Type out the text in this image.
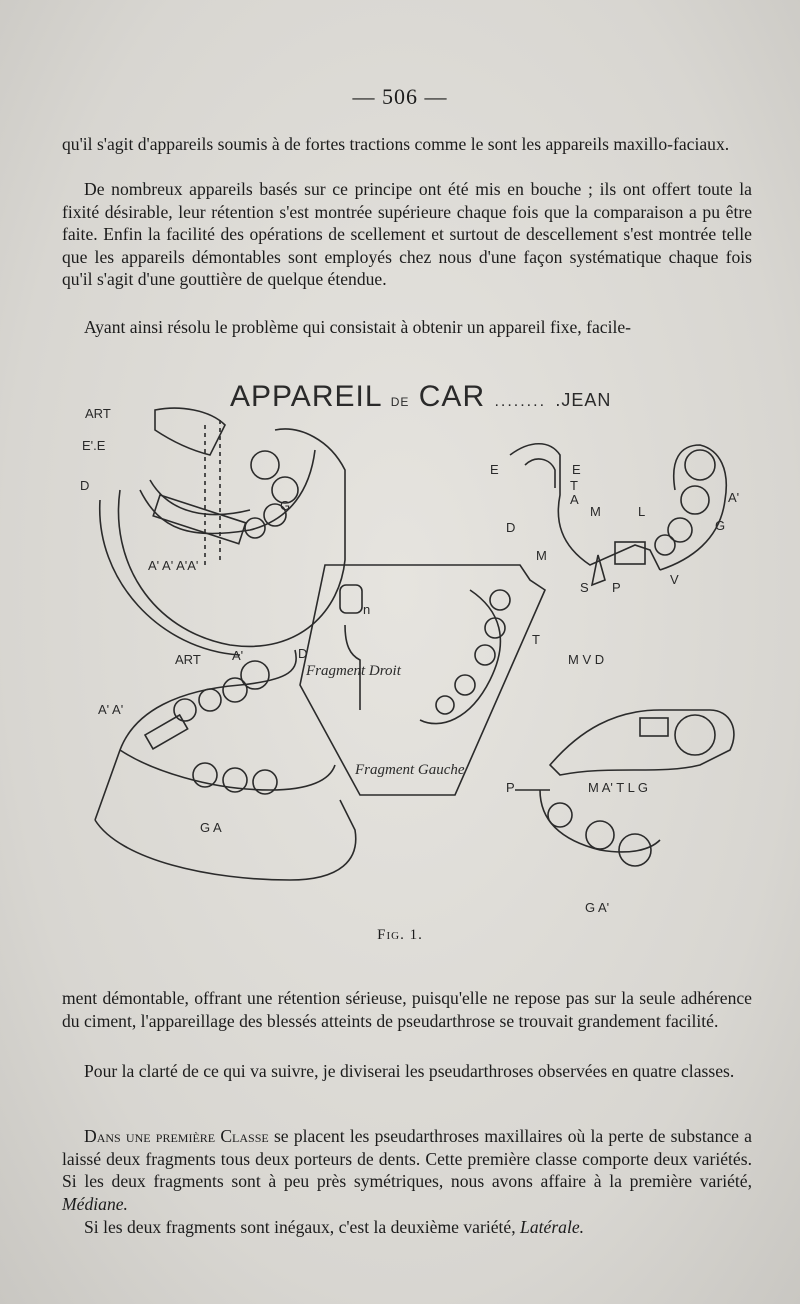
— 506 —

qu'il s'agit d'appareils soumis à de fortes tractions comme le sont les appareils maxillo-faciaux.

De nombreux appareils basés sur ce principe ont été mis en bouche ; ils ont offert toute la fixité désirable, leur rétention s'est montrée supérieure chaque fois que la comparaison a pu être faite. Enfin la facilité des opérations de scellement et surtout de descellement s'est montrée telle que les appareils démontables sont employés chez nous d'une façon systématique chaque fois qu'il s'agit d'une gouttière de quelque étendue.

Ayant ainsi résolu le problème qui consistait à obtenir un appareil fixe, facile-

APPAREIL DE CAR ........ .JEAN
ART
E'.E
D
G
A' A' A'A'
ART A'	D
A' A'
G A
n
T
Fragment Droit
Fragment Gauche
E	E
T
A
M	L
D
M
S P
V
A'
G
M V D
P	M A' T L G
G A'
Fig. 1.

ment démontable, offrant une rétention sérieuse, puisqu'elle ne repose pas sur la seule adhérence du ciment, l'appareillage des blessés atteints de pseudarthrose se trouvait grandement facilité.

Pour la clarté de ce qui va suivre, je diviserai les pseudarthroses observées en quatre classes.

Dans une première Classe se placent les pseudarthroses maxillaires où la perte de substance a laissé deux fragments tous deux porteurs de dents. Cette première classe comporte deux variétés. Si les deux fragments sont à peu près symétriques, nous avons affaire à la première variété, Médiane.

Si les deux fragments sont inégaux, c'est la deuxième variété, Latérale.
